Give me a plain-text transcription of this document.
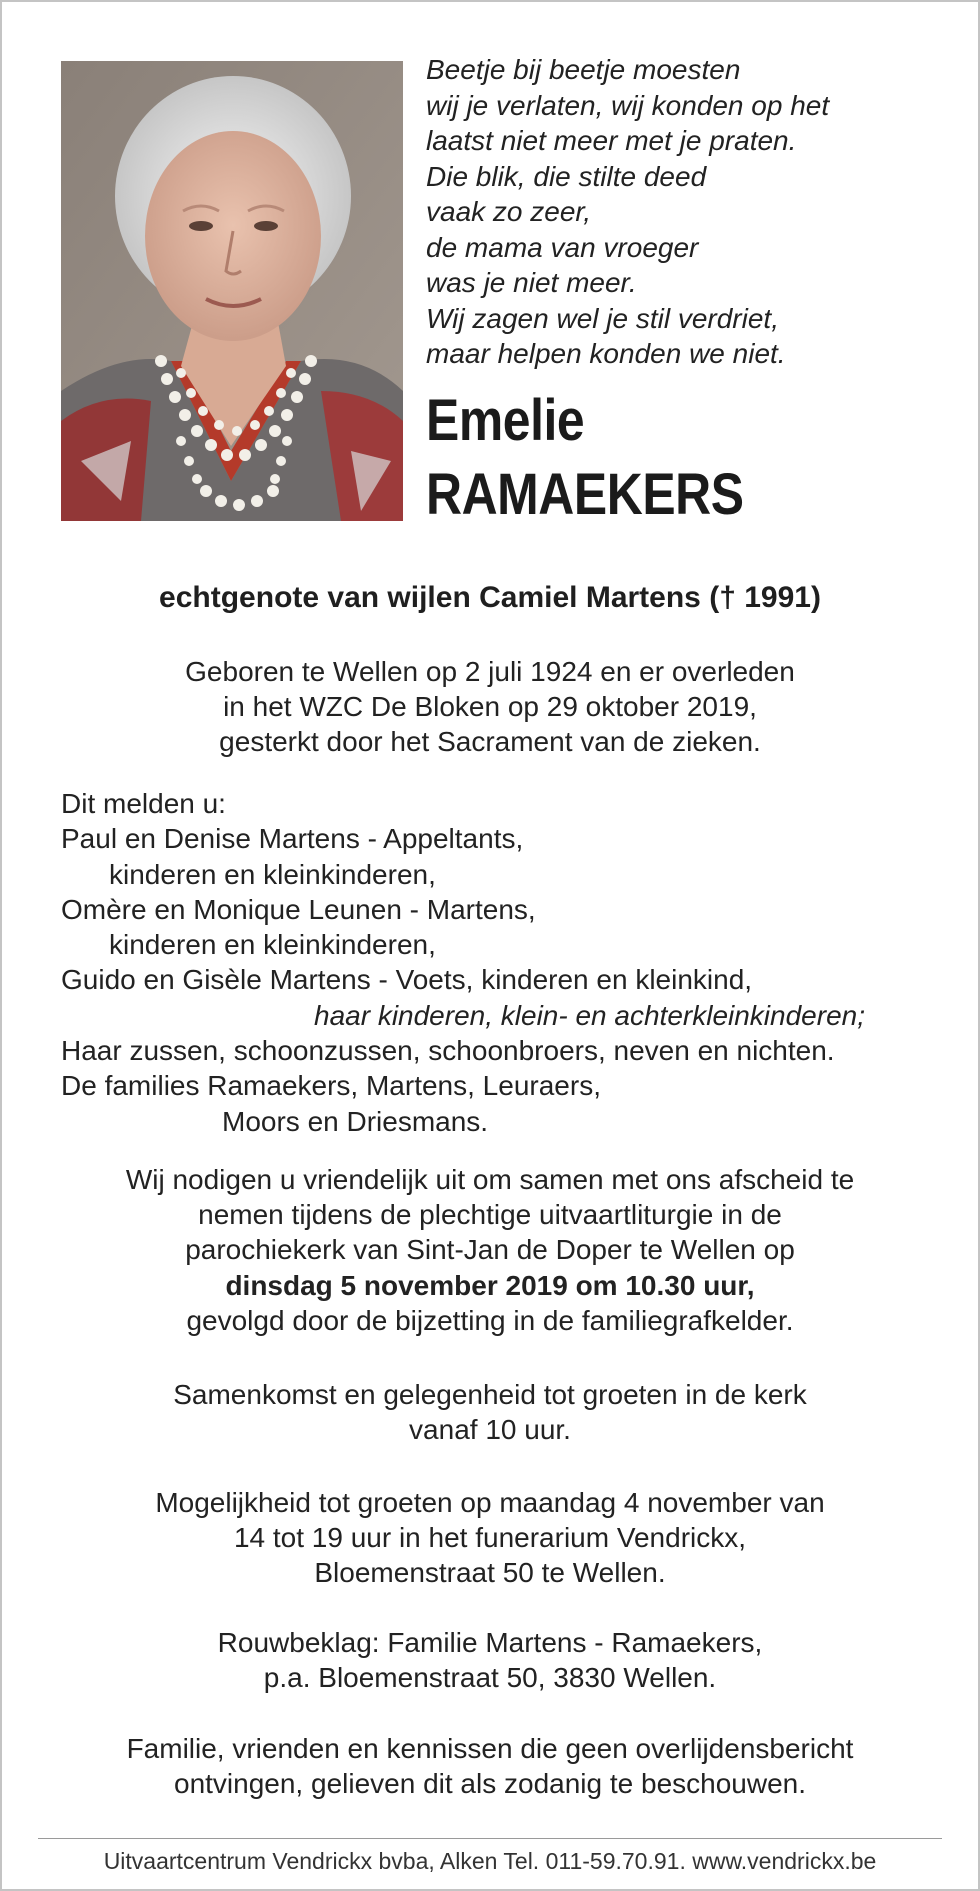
Beetje bij beetje moesten
wij je verlaten, wij konden op het
laatst niet meer met je praten.
Die blik, die stilte deed
vaak zo zeer,
de mama van vroeger
was je niet meer.
Wij zagen wel je stil verdriet,
maar helpen konden we niet.
Emelie
RAMAEKERS
echtgenote van wijlen Camiel Martens († 1991)
Geboren te Wellen op 2 juli 1924 en er overleden
in het WZC De Bloken op 29 oktober 2019,
gesterkt door het Sacrament van de zieken.
Dit melden u:
Paul en Denise Martens - Appeltants,
kinderen en kleinkinderen,
Omère en Monique Leunen - Martens,
kinderen en kleinkinderen,
Guido en Gisèle Martens - Voets, kinderen en kleinkind,
haar kinderen, klein- en achterkleinkinderen;
Haar zussen, schoonzussen, schoonbroers, neven en nichten.
De families Ramaekers, Martens, Leuraers,
Moors en Driesmans.
Wij nodigen u vriendelijk uit om samen met ons afscheid te
nemen tijdens de plechtige uitvaartliturgie in de
parochiekerk van Sint-Jan de Doper te Wellen op
dinsdag 5 november 2019 om 10.30 uur,
gevolgd door de bijzetting in de familiegrafkelder.
Samenkomst en gelegenheid tot groeten in de kerk
vanaf 10 uur.
Mogelijkheid tot groeten op maandag 4 november van
14 tot 19 uur in het funerarium Vendrickx,
Bloemenstraat 50 te Wellen.
Rouwbeklag: Familie Martens - Ramaekers,
p.a. Bloemenstraat 50, 3830 Wellen.
Familie, vrienden en kennissen die geen overlijdensbericht
ontvingen, gelieven dit als zodanig te beschouwen.
Uitvaartcentrum Vendrickx bvba, Alken Tel. 011-59.70.91. www.vendrickx.be
